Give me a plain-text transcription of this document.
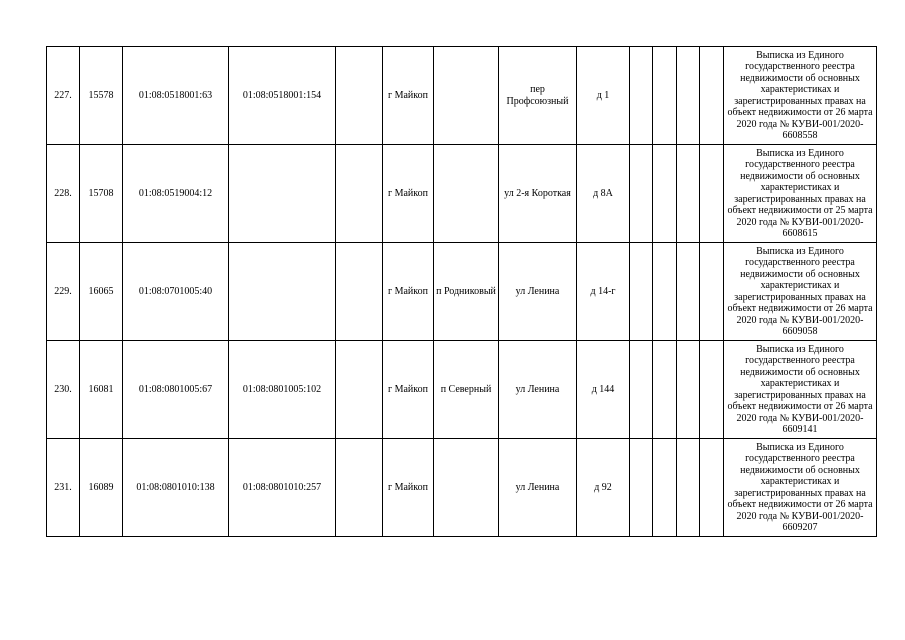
227.	15578	01:08:0518001:63	01:08:0518001:154		г Майкоп		пер Профсоюзный	д 1					Выписка из Единого государственного реестра недвижимости об основных характеристиках и зарегистрированных правах на объект недвижимости от 26 марта 2020 года № КУВИ-001/2020-6608558
228.	15708	01:08:0519004:12			г Майкоп		ул 2-я Короткая	д 8А					Выписка из Единого государственного реестра недвижимости об основных характеристиках и зарегистрированных правах на объект недвижимости от 25 марта 2020 года № КУВИ-001/2020-6608615
229.	16065	01:08:0701005:40			г Майкоп	п Родниковый	ул Ленина	д 14-г					Выписка из Единого государственного реестра недвижимости об основных характеристиках и зарегистрированных правах на объект недвижимости от 26 марта 2020 года № КУВИ-001/2020-6609058
230.	16081	01:08:0801005:67	01:08:0801005:102		г Майкоп	п Северный	ул Ленина	д 144					Выписка из Единого государственного реестра недвижимости об основных характеристиках и зарегистрированных правах на объект недвижимости от 26 марта 2020 года № КУВИ-001/2020-6609141
231.	16089	01:08:0801010:138	01:08:0801010:257		г Майкоп		ул Ленина	д 92					Выписка из Единого государственного реестра недвижимости об основных характеристиках и зарегистрированных правах на объект недвижимости от 26 марта 2020 года № КУВИ-001/2020-6609207
